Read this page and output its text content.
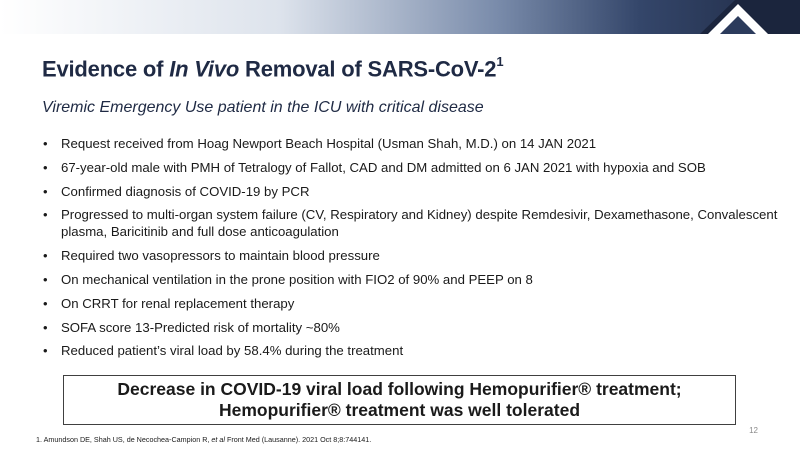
Evidence of In Vivo Removal of SARS-$CoV-2^1$

Viremic Emergency Use patient in the ICU with critical disease

• Request received from Hoag Newport Beach Hospital (Usman Shah, M.D.) on 14 JAN 2021
• 67-year-old male with PMH of Tetralogy of Fallot, CAD and DM admitted on 6 JAN 2021 with hypoxia and SOB
• Confirmed diagnosis of COVID-19 by PCR
• Progressed to multi-organ system failure (CV, Respiratory and Kidney) despite Remdesivir, Dexamethasone, Convalescent plasma, Baricitinib and full dose anticoagulation
• Required two vasopressors to maintain blood pressure
• On mechanical ventilation in the prone position with FIO2 of 90% and PEEP on 8
• On CRRT for renal replacement therapy
• SOFA score 13-Predicted risk of mortality ~80%
• Reduced patient’s viral load by 58.4% during the treatment
Decrease in COVID-19 viral load following Hemopurifier® treatment;
Hemopurifier® treatment was well tolerated
1. Amundson DE, Shah US, de Necochea-Campion R, et al Front Med (Lausanne). 2021 Oct 8;8:744141.
12
